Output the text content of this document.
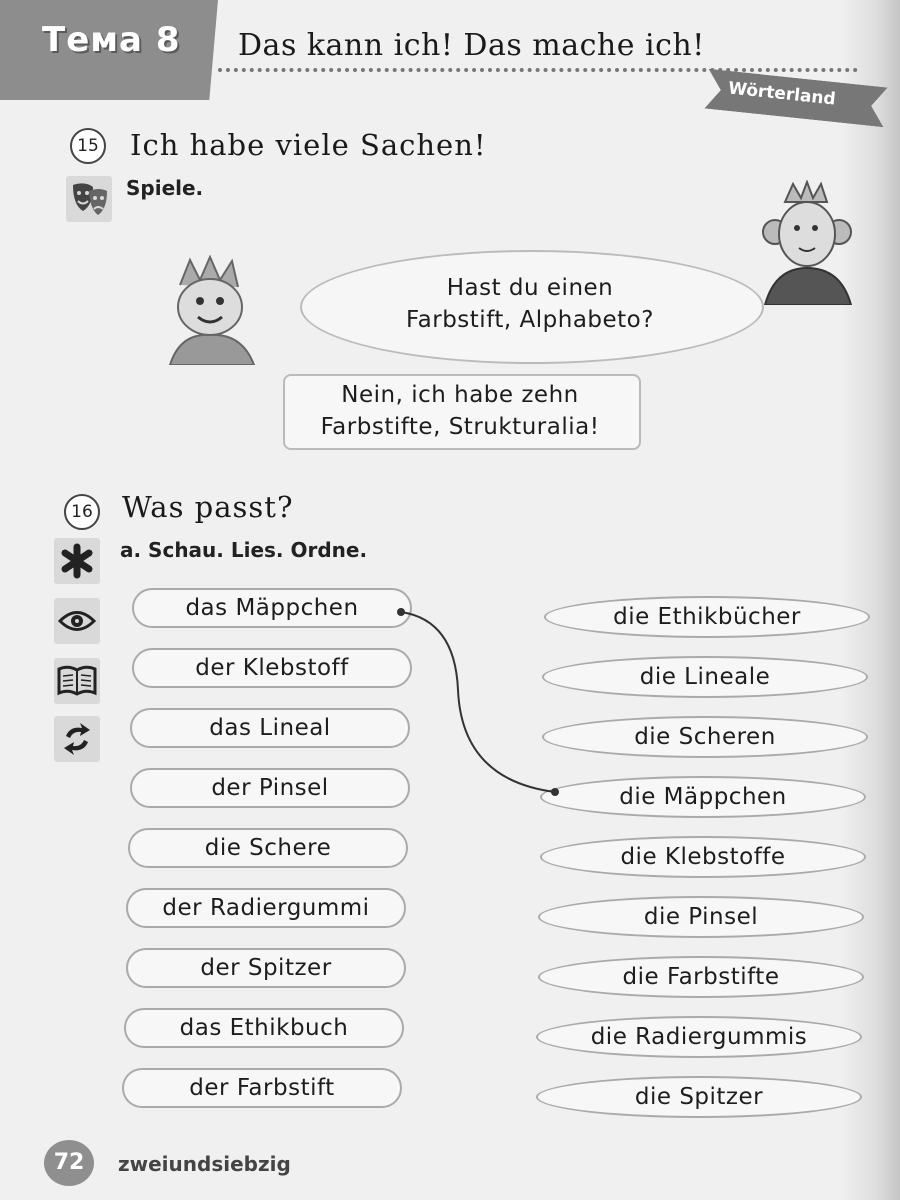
Тема 8 Das kann ich! Das mache ich!
Wörterland
15 Ich habe viele Sachen!
Spiele.
Hast du einen
Farbstift, Alphabeto?
Nein, ich habe zehn
Farbstifte, Strukturalia!
16 Was passt?
a. Schau. Lies. Ordne.
das Mäppchen
der Klebstoff
das Lineal
der Pinsel
die Schere
der Radiergummi
der Spitzer
das Ethikbuch
der Farbstift
die Ethikbücher
die Lineale
die Scheren
die Mäppchen
die Klebstoffe
die Pinsel
die Farbstifte
die Radiergummis
die Spitzer
72	zweiundsiebzig
